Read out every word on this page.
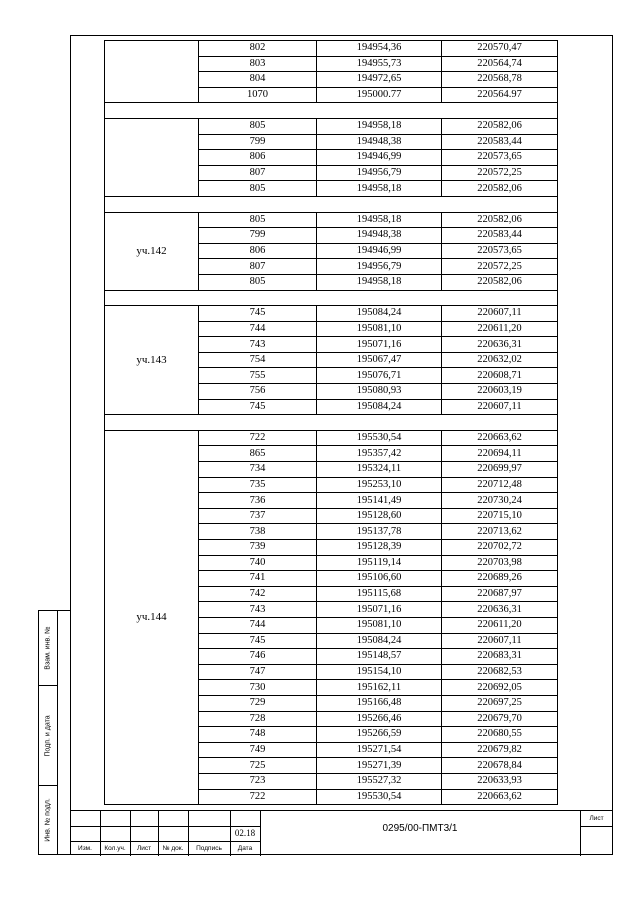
Взам. инв. №
Подп. и дата
Инв. № подл.
	802	194954,36	220570,47
	803	194955,73	220564,74
	804	194972,65	220568,78
	1070	195000.77	220564.97

	805	194958,18	220582,06
	799	194948,38	220583,44
	806	194946,99	220573,65
	807	194956,79	220572,25
	805	194958,18	220582,06

уч.142	805	194958,18	220582,06
	799	194948,38	220583,44
	806	194946,99	220573,65
	807	194956,79	220572,25
	805	194958,18	220582,06

уч.143	745	195084,24	220607,11
	744	195081,10	220611,20
	743	195071,16	220636,31
	754	195067,47	220632,02
	755	195076,71	220608,71
	756	195080,93	220603,19
	745	195084,24	220607,11

уч.144	722	195530,54	220663,62
	865	195357,42	220694,11
	734	195324,11	220699,97
	735	195253,10	220712,48
	736	195141,49	220730,24
	737	195128,60	220715,10
	738	195137,78	220713,62
	739	195128,39	220702,72
	740	195119,14	220703,98
	741	195106,60	220689,26
	742	195115,68	220687,97
	743	195071,16	220636,31
	744	195081,10	220611,20
	745	195084,24	220607,11
	746	195148,57	220683,31
	747	195154,10	220682,53
	730	195162,11	220692,05
	729	195166,48	220697,25
	728	195266,46	220679,70
	748	195266,59	220680,55
	749	195271,54	220679,82
	725	195271,39	220678,84
	723	195527,32	220633,93
	722	195530,54	220663,62
02.18
Изм.	Кол.уч.	Лист	№ док.	Подпись	Дата
0295/00-ПМТ3/1
Лист
